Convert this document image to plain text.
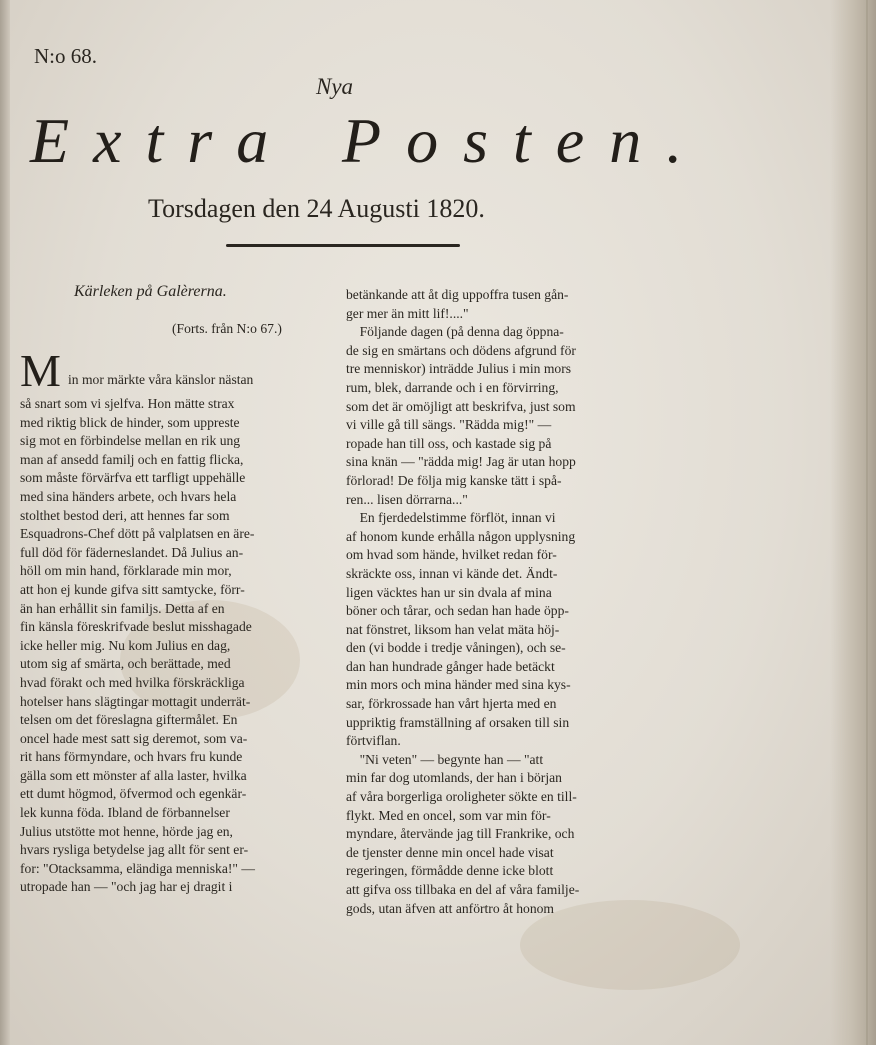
N:o 68.
Nya
Extra Posten.
Torsdagen den 24 Augusti 1820.
Kärleken på Galèrerna.
(Forts. från N:o 67.)
M in mor märkte våra känslor nästan
så snart som vi sjelfva. Hon mätte strax
med riktig blick de hinder, som uppreste
sig mot en förbindelse mellan en rik ung
man af ansedd familj och en fattig flicka,
som måste förvärfva ett tarfligt uppehälle
med sina händers arbete, och hvars hela
stolthet bestod deri, att hennes far som
Esquadrons-Chef dött på valplatsen en äre-
full död för fäderneslandet. Då Julius an-
höll om min hand, förklarade min mor,
att hon ej kunde gifva sitt samtycke, förr-
än han erhållit sin familjs. Detta af en
fin känsla föreskrifvade beslut misshagade
icke heller mig. Nu kom Julius en dag,
utom sig af smärta, och berättade, med
hvad förakt och med hvilka förskräckliga
hotelser hans slägtingar mottagit underrät-
telsen om det föreslagna giftermålet. En
oncel hade mest satt sig deremot, som va-
rit hans förmyndare, och hvars fru kunde
gälla som ett mönster af alla laster, hvilka
ett dumt högmod, öfvermod och egenkär-
lek kunna föda. Ibland de förbannelser
Julius utstötte mot henne, hörde jag en,
hvars rysliga betydelse jag allt för sent er-
for: "Otacksamma, eländiga menniska!" —
utropade han — "och jag har ej dragit i
betänkande att åt dig uppoffra tusen gån-
ger mer än mitt lif!...."
Följande dagen (på denna dag öppna-
de sig en smärtans och dödens afgrund för
tre menniskor) inträdde Julius i min mors
rum, blek, darrande och i en förvirring,
som det är omöjligt att beskrifva, just som
vi ville gå till sängs. "Rädda mig!" —
ropade han till oss, och kastade sig på
sina knän — "rädda mig! Jag är utan hopp
förlorad! De följa mig kanske tätt i spå-
ren... lisen dörrarna..."
En fjerdedelstimme förflöt, innan vi
af honom kunde erhålla någon upplysning
om hvad som hände, hvilket redan för-
skräckte oss, innan vi kände det. Ändt-
ligen väcktes han ur sin dvala af mina
böner och tårar, och sedan han hade öpp-
nat fönstret, liksom han velat mäta höj-
den (vi bodde i tredje våningen), och se-
dan han hundrade gånger hade betäckt
min mors och mina händer med sina kys-
sar, förkrossade han vårt hjerta med en
uppriktig framställning af orsaken till sin
förtviflan.
"Ni veten" — begynte han — "att
min far dog utomlands, der han i början
af våra borgerliga oroligheter sökte en till-
flykt. Med en oncel, som var min för-
myndare, återvände jag till Frankrike, och
de tjenster denne min oncel hade visat
regeringen, förmådde denne icke blott
att gifva oss tillbaka en del af våra familje-
gods, utan äfven att anförtro åt honom
